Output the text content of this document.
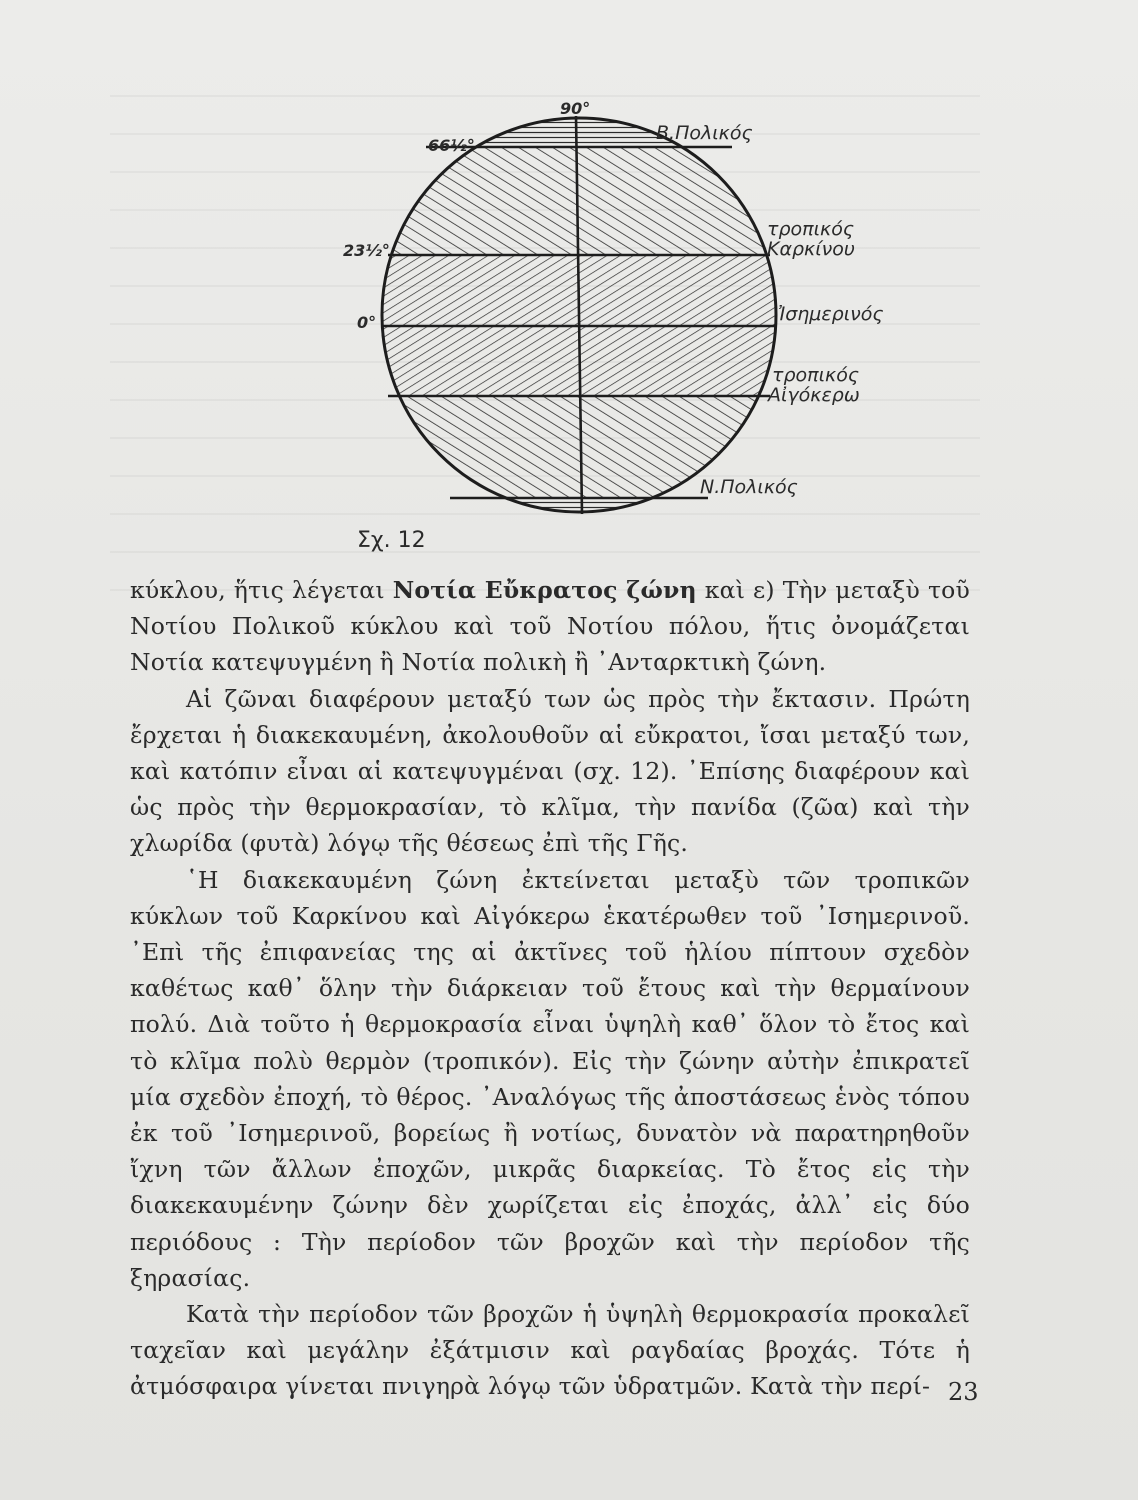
90°
66½°
23½°
0°
Β.Πολικός
τροπικός
Καρκίνου
Ἰσημερινός
τροπικός
Αἰγόκερω
Ν.Πολικός
Σχ. 12

κύκλου, ἥτις λέγεται Νοτία Εὔκρατος ζώνη καὶ ε) Τὴν μεταξὺ τοῦ Νοτίου Πολικοῦ κύκλου καὶ τοῦ Νοτίου πόλου, ἥτις ὀνομάζεται Νοτία κατεψυγμένη ἢ Νοτία πολικὴ ἢ ᾿Ανταρκτικὴ ζώνη.

Αἱ ζῶναι διαφέρουν μεταξύ των ὡς πρὸς τὴν ἔκτασιν. Πρώτη ἔρχεται ἡ διακεκαυμένη, ἀκολουθοῦν αἱ εὔκρατοι, ἴσαι μεταξύ των, καὶ κατόπιν εἶναι αἱ κατεψυγμέναι (σχ. 12). ᾿Επίσης διαφέρουν καὶ ὡς πρὸς τὴν θερμοκρασίαν, τὸ κλῖμα, τὴν πανίδα (ζῶα) καὶ τὴν χλωρίδα (φυτὰ) λόγῳ τῆς θέσεως ἐπὶ τῆς Γῆς.

῾Η διακεκαυμένη ζώνη ἐκτείνεται μεταξὺ τῶν τροπικῶν κύκλων τοῦ Καρκίνου καὶ Αἰγόκερω ἑκατέρωθεν τοῦ ᾿Ισημερινοῦ. ᾿Επὶ τῆς ἐπιφανείας της αἱ ἀκτῖνες τοῦ ἡλίου πίπτουν σχεδὸν καθέτως καθ᾿ ὅλην τὴν διάρκειαν τοῦ ἔτους καὶ τὴν θερμαίνουν πολύ. Διὰ τοῦτο ἡ θερμοκρασία εἶναι ὑψηλὴ καθ᾿ ὅλον τὸ ἔτος καὶ τὸ κλῖμα πολὺ θερμὸν (τροπικόν). Εἰς τὴν ζώνην αὐτὴν ἐπικρατεῖ μία σχεδὸν ἐποχή, τὸ θέρος. ᾿Αναλόγως τῆς ἀποστάσεως ἑνὸς τόπου ἐκ τοῦ ᾿Ισημερινοῦ, βορείως ἢ νοτίως, δυνατὸν νὰ παρατηρηθοῦν ἴχνη τῶν ἄλλων ἐποχῶν, μικρᾶς διαρκείας. Τὸ ἔτος εἰς τὴν διακεκαυμένην ζώνην δὲν χωρίζεται εἰς ἐποχάς, ἀλλ᾿ εἰς δύο περιόδους : Τὴν περίοδον τῶν βροχῶν καὶ τὴν περίοδον τῆς ξηρασίας.

Κατὰ τὴν περίοδον τῶν βροχῶν ἡ ὑψηλὴ θερμοκρασία προκαλεῖ ταχεῖαν καὶ μεγάλην ἐξάτμισιν καὶ ραγδαίας βροχάς. Τότε ἡ ἀτμόσφαιρα γίνεται πνιγηρὰ λόγῳ τῶν ὑδρατμῶν. Κατὰ τὴν περί- 23
